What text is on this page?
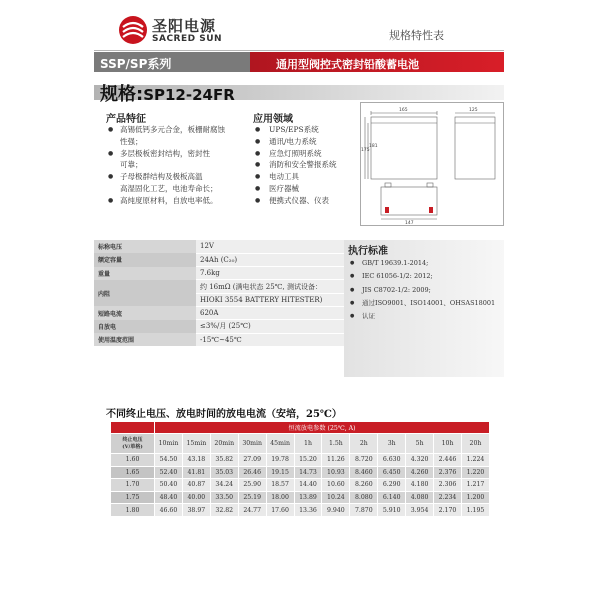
圣阳电源
SACRED SUN	规格特性表
SSP/SP系列	通用型阀控式密封铅酸蓄电池
规格:SP12-24FR
产品特征
● 高锡低钙多元合金，板栅耐腐蚀
性强；
● 多层极板密封结构，密封性
可靠；
● 子母极群结构及极板高温
高湿固化工艺，电池寿命长；
● 高纯度原材料，自放电率低。
应用领域
● UPS/EPS系统
● 通讯/电力系统
● 应急灯照明系统
● 消防和安全警报系统
● 电动工具
● 医疗器械
● 便携式仪器、仪表
165	125
175
181
147
标称电压	12V
额定容量	24Ah (C₂₀)
重量	7.6kg
内阻	约 16mΩ (满电状态 25℃, 测试设备：
	HIOKI 3554 BATTERY HITESTER)
短路电流	620A
自放电	≤3%/月 (25℃)
使用温度范围	-15℃~45℃
执行标准
● GB/T 19639.1-2014;
● IEC 61056-1/2: 2012;
● JIS C8702-1/2: 2009;
● 通过ISO9001、ISO14001、OHSAS18001
● 认证
不同终止电压、放电时间的放电电流（安培，25℃）
	恒流放电参数 (25℃, A)											
终止电压
(V/单格)	10min	15min	20min	30min	45min	1h	1.5h	2h	3h	5h	10h	20h
1.60	54.50	43.18	35.82	27.09	19.78	15.20	11.26	8.720	6.630	4.320	2.446	1.224
1.65	52.40	41.81	35.03	26.46	19.15	14.73	10.93	8.460	6.450	4.260	2.376	1.220
1.70	50.40	40.87	34.24	25.90	18.57	14.40	10.60	8.260	6.290	4.180	2.306	1.217
1.75	48.40	40.00	33.50	25.19	18.00	13.89	10.24	8.080	6.140	4.080	2.234	1.200
1.80	46.60	38.97	32.82	24.77	17.60	13.36	9.940	7.870	5.910	3.954	2.170	1.195
